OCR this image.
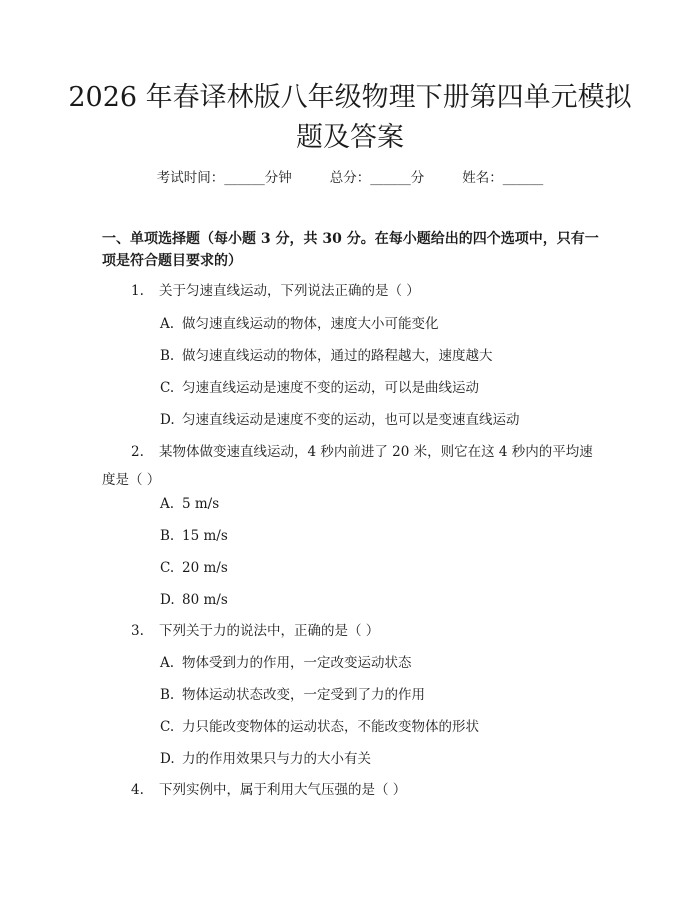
2026 年春译林版八年级物理下册第四单元模拟题及答案
考试时间：______分钟	总分：______分	姓名：______

一、单项选择题（每小题 3 分，共 30 分。在每小题给出的四个选项中，只有一项是符合题目要求的）

1. 关于匀速直线运动，下列说法正确的是（ ）
A. 做匀速直线运动的物体，速度大小可能变化
B. 做匀速直线运动的物体，通过的路程越大，速度越大
C. 匀速直线运动是速度不变的运动，可以是曲线运动
D. 匀速直线运动是速度不变的运动，也可以是变速直线运动
2. 某物体做变速直线运动，4 秒内前进了 20 米，则它在这 4 秒内的平均速度是（ ）
A. 5 m/s
B. 15 m/s
C. 20 m/s
D. 80 m/s
3. 下列关于力的说法中，正确的是（ ）
A. 物体受到力的作用，一定改变运动状态
B. 物体运动状态改变，一定受到了力的作用
C. 力只能改变物体的运动状态，不能改变物体的形状
D. 力的作用效果只与力的大小有关
4. 下列实例中，属于利用大气压强的是（ ）
